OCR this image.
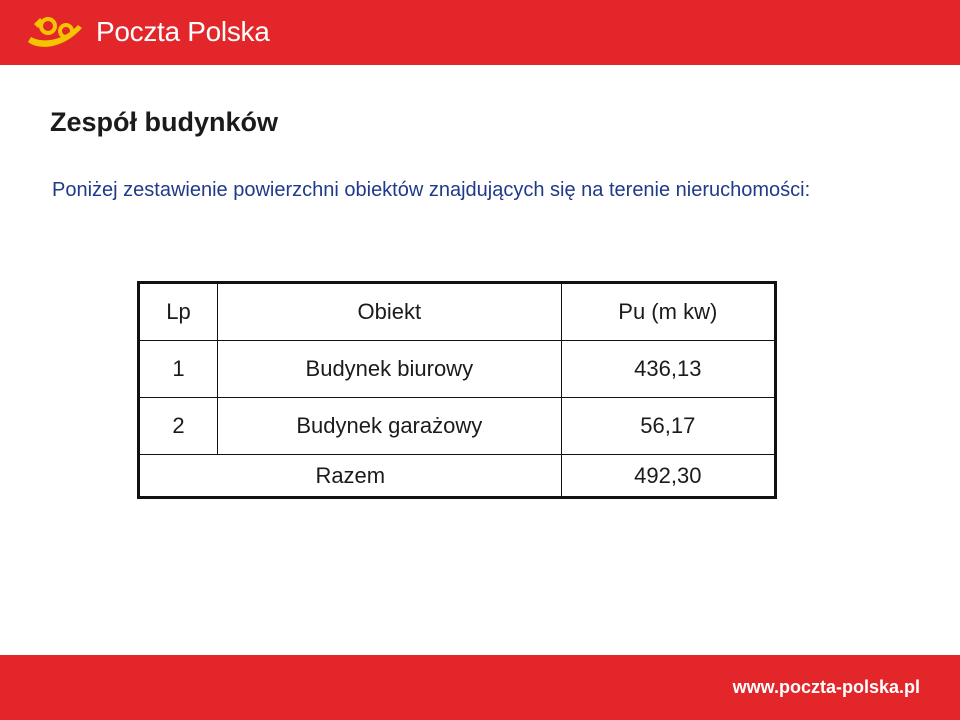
Poczta Polska
Zespół budynków

Poniżej zestawienie powierzchni obiektów znajdujących się na terenie nieruchomości:

Lp	Obiekt	Pu (m kw)
1	Budynek biurowy	436,13
2	Budynek garażowy	56,17
Razem		492,30
www.poczta-polska.pl
